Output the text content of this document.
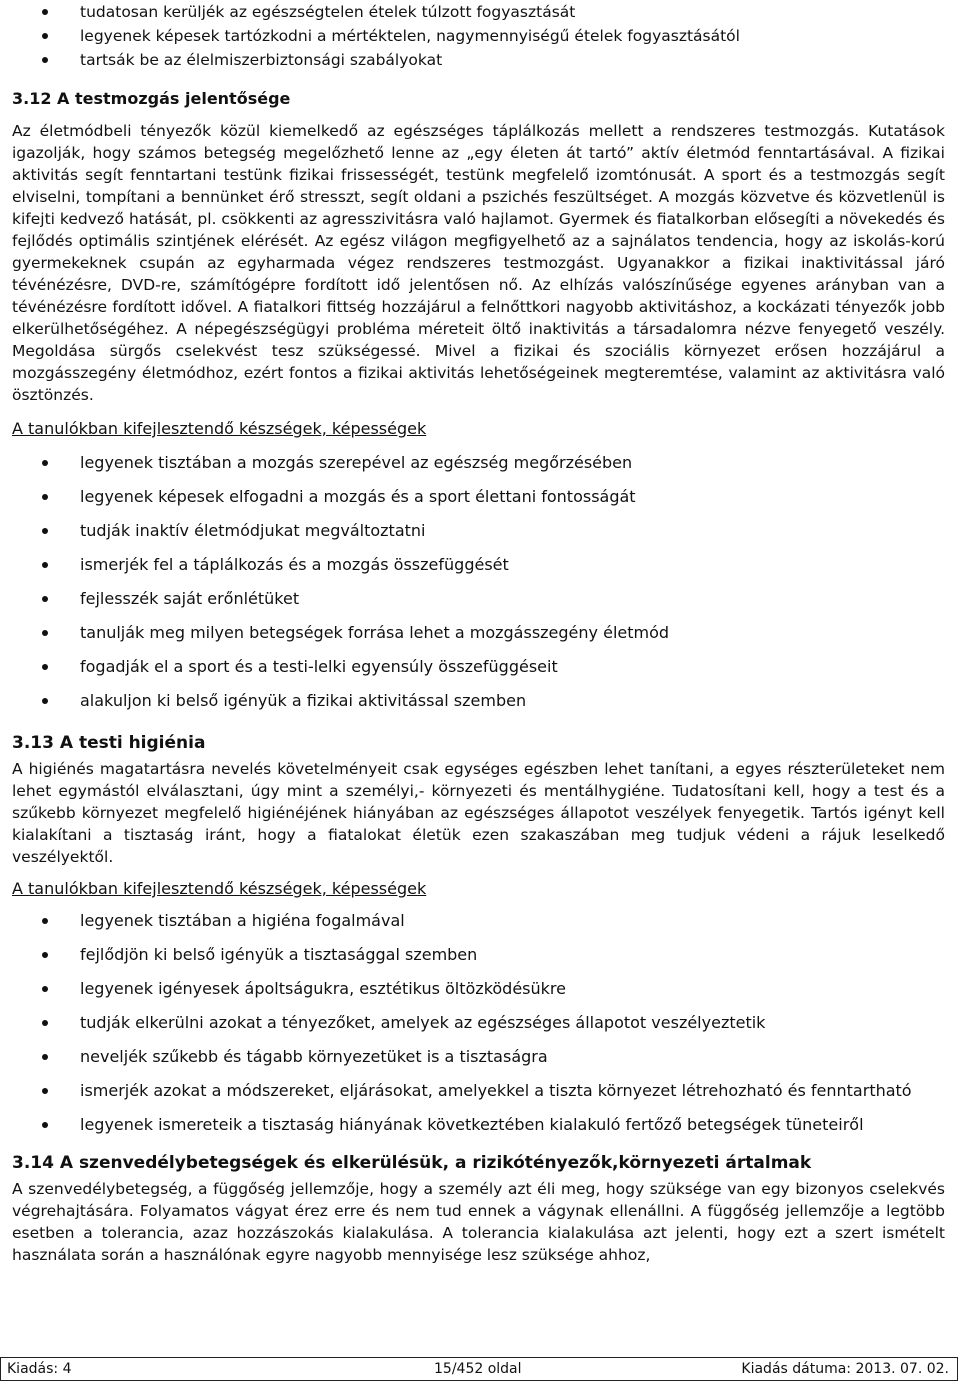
tudatosan kerüljék az egészségtelen ételek túlzott fogyasztását
legyenek képesek tartózkodni a mértéktelen, nagymennyiségű ételek fogyasztásától
tartsák be az élelmiszerbiztonsági szabályokat
3.12 A testmozgás jelentősége

Az életmódbeli tényezők közül kiemelkedő az egészséges táplálkozás mellett a rendszeres testmozgás. Kutatások igazolják, hogy számos betegség megelőzhető lenne az „egy életen át tartó” aktív életmód fenntartásával. A fizikai aktivitás segít fenntartani testünk fizikai frissességét, testünk megfelelő izomtónusát. A sport és a testmozgás segít elviselni, tompítani a bennünket érő stresszt, segít oldani a pszichés feszültséget. A mozgás közvetve és közvetlenül is kifejti kedvező hatását, pl. csökkenti az agresszivitásra való hajlamot. Gyermek és fiatalkorban elősegíti a növekedés és fejlődés optimális szintjének elérését. Az egész világon megfigyelhető az a sajnálatos tendencia, hogy az iskolás-korú gyermekeknek csupán az egyharmada végez rendszeres testmozgást. Ugyanakkor a fizikai inaktivitással járó tévénézésre, DVD-re, számítógépre fordított idő jelentősen nő. Az elhízás valószínűsége egyenes arányban van a tévénézésre fordított idővel. A fiatalkori fittség hozzájárul a felnőttkori nagyobb aktivitáshoz, a kockázati tényezők jobb elkerülhetőségéhez. A népegészségügyi probléma méreteit öltő inaktivitás a társadalomra nézve fenyegető veszély. Megoldása sürgős cselekvést tesz szükségessé. Mivel a fizikai és szociális környezet erősen hozzájárul a mozgásszegény életmódhoz, ezért fontos a fizikai aktivitás lehetőségeinek megteremtése, valamint az aktivitásra való ösztönzés.

A tanulókban kifejlesztendő készségek, képességek

legyenek tisztában a mozgás szerepével az egészség megőrzésében
legyenek képesek elfogadni a mozgás és a sport élettani fontosságát
tudják inaktív életmódjukat megváltoztatni
ismerjék fel a táplálkozás és a mozgás összefüggését
fejlesszék saját erőnlétüket
tanulják meg milyen betegségek forrása lehet a mozgásszegény életmód
fogadják el a sport és a testi-lelki egyensúly összefüggéseit
alakuljon ki belső igényük a fizikai aktivitással szemben
3.13 A testi higiénia

A higiénés magatartásra nevelés követelményeit csak egységes egészben lehet tanítani, a egyes részterületeket nem lehet egymástól elválasztani, úgy mint a személyi,- környezeti és mentálhygiéne. Tudatosítani kell, hogy a test és a szűkebb környezet megfelelő higiénéjének hiányában az egészséges állapotot veszélyek fenyegetik. Tartós igényt kell kialakítani a tisztaság iránt, hogy a fiatalokat életük ezen szakaszában meg tudjuk védeni a rájuk leselkedő veszélyektől.

A tanulókban kifejlesztendő készségek, képességek

legyenek tisztában a higiéna fogalmával
fejlődjön ki belső igényük a tisztasággal szemben
legyenek igényesek ápoltságukra, esztétikus öltözködésükre
tudják elkerülni azokat a tényezőket, amelyek az egészséges állapotot veszélyeztetik
neveljék szűkebb és tágabb környezetüket is a tisztaságra
ismerjék azokat a módszereket, eljárásokat, amelyekkel a tiszta környezet létrehozható és fenntartható
legyenek ismereteik a tisztaság hiányának következtében kialakuló fertőző betegségek tüneteiről
3.14 A szenvedélybetegségek és elkerülésük, a rizikótényezők,környezeti ártalmak

A szenvedélybetegség, a függőség jellemzője, hogy a személy azt éli meg, hogy szüksége van egy bizonyos cselekvés végrehajtására. Folyamatos vágyat érez erre és nem tud ennek a vágynak ellenállni. A függőség jellemzője a legtöbb esetben a tolerancia, azaz hozzászokás kialakulása. A tolerancia kialakulása azt jelenti, hogy ezt a szert ismételt használata során a használónak egyre nagyobb mennyisége lesz szüksége ahhoz,

Kiadás: 4	15/452 oldal	Kiadás dátuma: 2013. 07. 02.
